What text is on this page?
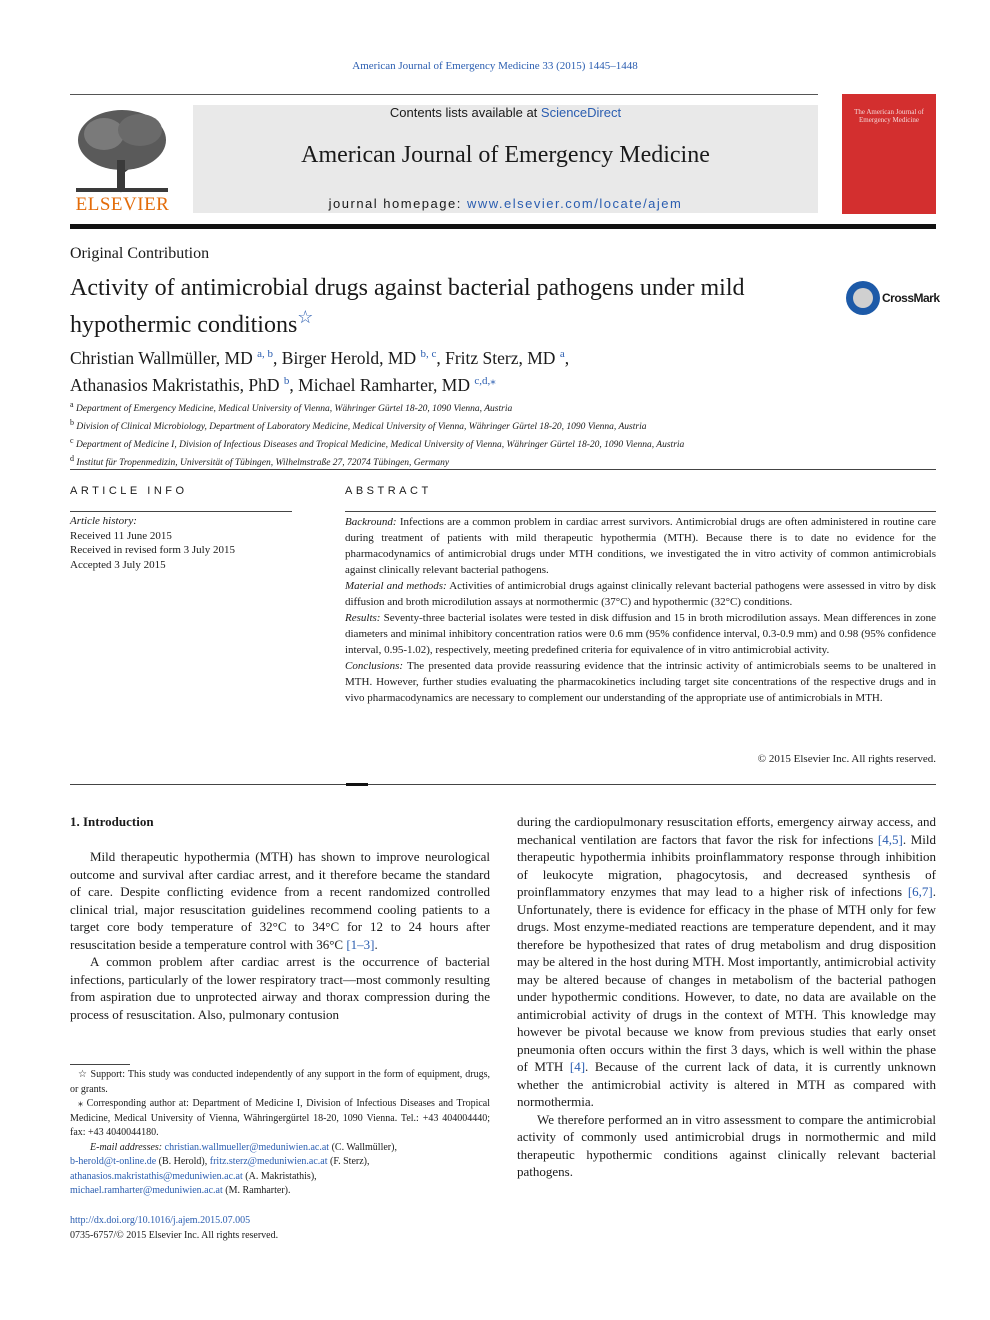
American Journal of Emergency Medicine 33 (2015) 1445–1448
ELSEVIER
Contents lists available at ScienceDirect
American Journal of Emergency Medicine
journal homepage: www.elsevier.com/locate/ajem
The American Journal of Emergency Medicine
Original Contribution
Activity of antimicrobial drugs against bacterial pathogens under mild hypothermic conditions☆
CrossMark
Christian Wallmüller, MD $^{a, b}$, Birger Herold, MD $^{b, c}$, Fritz Sterz, MD $^a$,
Athanasios Makristathis, PhD $^b$, Michael Ramharter, MD $^{c,d,⁎}$
$^a$ Department of Emergency Medicine, Medical University of Vienna, Währinger Gürtel 18-20, 1090 Vienna, Austria
$^b$ Division of Clinical Microbiology, Department of Laboratory Medicine, Medical University of Vienna, Währinger Gürtel 18-20, 1090 Vienna, Austria
$^c$ Department of Medicine I, Division of Infectious Diseases and Tropical Medicine, Medical University of Vienna, Währinger Gürtel 18-20, 1090 Vienna, Austria
$^d$ Institut für Tropenmedizin, Universität of Tübingen, Wilhelmstraße 27, 72074 Tübingen, Germany
ARTICLE INFO
Article history:
Received 11 June 2015
Received in revised form 3 July 2015
Accepted 3 July 2015
ABSTRACT

Backround: Infections are a common problem in cardiac arrest survivors. Antimicrobial drugs are often administered in routine care during treatment of patients with mild therapeutic hypothermia (MTH). Because there is to date no evidence for the pharmacodynamics of antimicrobial drugs under MTH conditions, we investigated the in vitro activity of common antimicrobials against clinically relevant bacterial pathogens.

Material and methods: Activities of antimicrobial drugs against clinically relevant bacterial pathogens were assessed in vitro by disk diffusion and broth microdilution assays at normothermic (37°C) and hypothermic (32°C) conditions.

Results: Seventy-three bacterial isolates were tested in disk diffusion and 15 in broth microdilution assays. Mean differences in zone diameters and minimal inhibitory concentration ratios were 0.6 mm (95% confidence interval, 0.3-0.9 mm) and 0.98 (95% confidence interval, 0.95-1.02), respectively, meeting predefined criteria for equivalence of in vitro antimicrobial activity.

Conclusions: The presented data provide reassuring evidence that the intrinsic activity of antimicrobials seems to be unaltered in MTH. However, further studies evaluating the pharmacokinetics including target site concentrations of the respective drugs and in vivo pharmacodynamics are necessary to complement our understanding of the appropriate use of antimicrobials in MTH.

© 2015 Elsevier Inc. All rights reserved.
1. Introduction

Mild therapeutic hypothermia (MTH) has shown to improve neurological outcome and survival after cardiac arrest, and it therefore became the standard of care. Despite conflicting evidence from a recent randomized controlled clinical trial, major resuscitation guidelines recommend cooling patients to a target core body temperature of 32°C to 34°C for 12 to 24 hours after resuscitation beside a temperature control with 36°C [1–3].

A common problem after cardiac arrest is the occurrence of bacterial infections, particularly of the lower respiratory tract—most commonly resulting from aspiration due to unprotected airway and thorax compression during the process of resuscitation. Also, pulmonary contusion

during the cardiopulmonary resuscitation efforts, emergency airway access, and mechanical ventilation are factors that favor the risk for infections [4,5]. Mild therapeutic hypothermia inhibits proinflammatory response through inhibition of leukocyte migration, phagocytosis, and decreased synthesis of proinflammatory enzymes that may lead to a higher risk of infections [6,7]. Unfortunately, there is evidence for efficacy in the phase of MTH only for few drugs. Most enzyme-mediated reactions are temperature dependent, and it may therefore be hypothesized that rates of drug metabolism and drug disposition may be altered in the host during MTH. Most importantly, antimicrobial activity may be altered because of changes in metabolism of the bacterial pathogen under hypothermic conditions. However, to date, no data are available on the antimicrobial activity of drugs in the context of MTH. This knowledge may however be pivotal because we know from previous studies that early onset pneumonia often occurs within the first 3 days, which is well within the phase of MTH [4]. Because of the current lack of data, it is currently unknown whether the antimicrobial activity is altered in MTH as compared with normothermia.

We therefore performed an in vitro assessment to compare the antimicrobial activity of commonly used antimicrobial drugs in normothermic and mild therapeutic hypothermic conditions against clinically relevant bacterial pathogens.

☆ Support: This study was conducted independently of any support in the form of equipment, drugs, or grants.

⁎ Corresponding author at: Department of Medicine I, Division of Infectious Diseases and Tropical Medicine, Medical University of Vienna, Währingergürtel 18-20, 1090 Vienna. Tel.: +43 404004440; fax: +43 4040044180.

E-mail addresses: christian.wallmueller@meduniwien.ac.at (C. Wallmüller),
b-herold@t-online.de (B. Herold), fritz.sterz@meduniwien.ac.at (F. Sterz),
athanasios.makristathis@meduniwien.ac.at (A. Makristathis),
michael.ramharter@meduniwien.ac.at (M. Ramharter).

http://dx.doi.org/10.1016/j.ajem.2015.07.005
0735-6757/© 2015 Elsevier Inc. All rights reserved.
